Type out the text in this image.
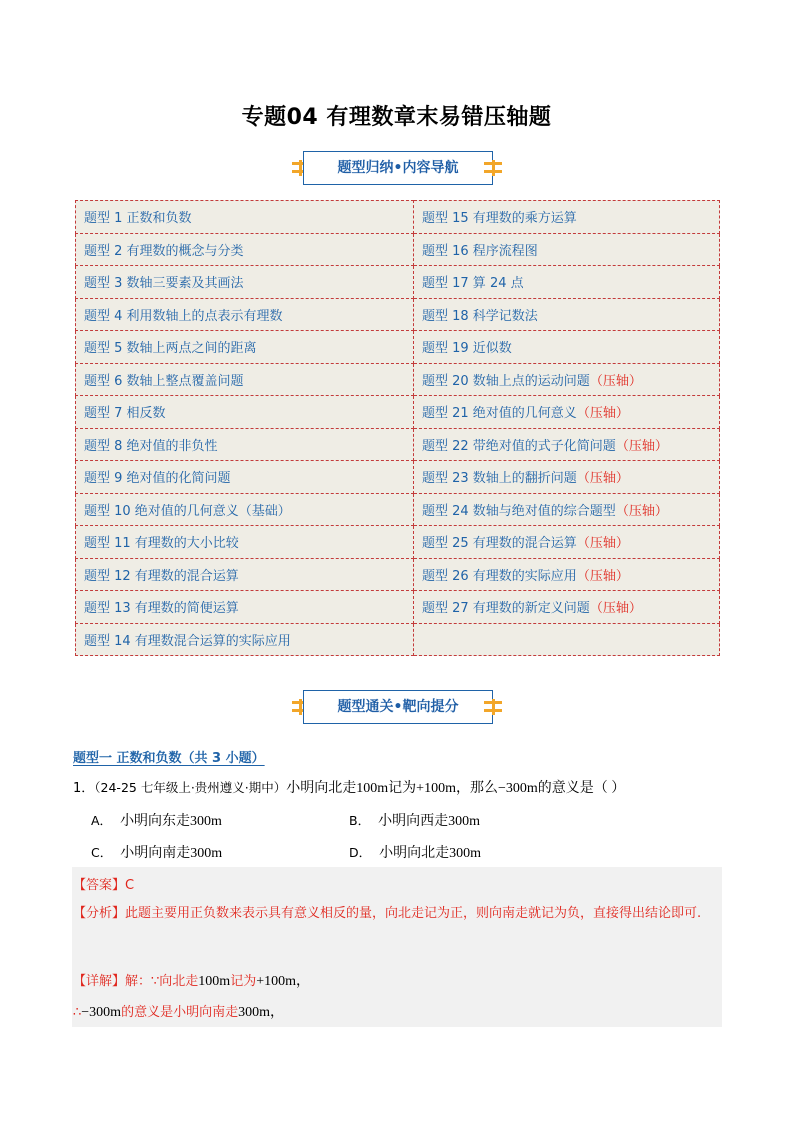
专题04 有理数章末易错压轴题
题型归纳•内容导航
题型 1 正数和负数	题型 15 有理数的乘方运算
题型 2 有理数的概念与分类	题型 16 程序流程图
题型 3 数轴三要素及其画法	题型 17 算 24 点
题型 4 利用数轴上的点表示有理数	题型 18 科学记数法
题型 5 数轴上两点之间的距离	题型 19 近似数
题型 6 数轴上整点覆盖问题	题型 20 数轴上点的运动问题（压轴）
题型 7 相反数	题型 21 绝对值的几何意义（压轴）
题型 8 绝对值的非负性	题型 22 带绝对值的式子化简问题（压轴）
题型 9 绝对值的化简问题	题型 23 数轴上的翻折问题（压轴）
题型 10 绝对值的几何意义（基础）	题型 24 数轴与绝对值的综合题型（压轴）
题型 11 有理数的大小比较	题型 25 有理数的混合运算（压轴）
题型 12 有理数的混合运算	题型 26 有理数的实际应用（压轴）
题型 13 有理数的简便运算	题型 27 有理数的新定义问题（压轴）
题型 14 有理数混合运算的实际应用	
题型通关•靶向提分
题型一 正数和负数（共 3 小题）
1．（24-25 七年级上·贵州遵义·期中）小明向北走100m记为+100m，那么−300m的意义是（ ）
A． 小明向东走300m	B． 小明向西走300m
C． 小明向南走300m	D． 小明向北走300m
【答案】C
【分析】此题主要用正负数来表示具有意义相反的量，向北走记为正，则向南走就记为负，直接得出结论即可.
【详解】解：∵向北走100m记为+100m，
∴−300m的意义是小明向南走300m，
